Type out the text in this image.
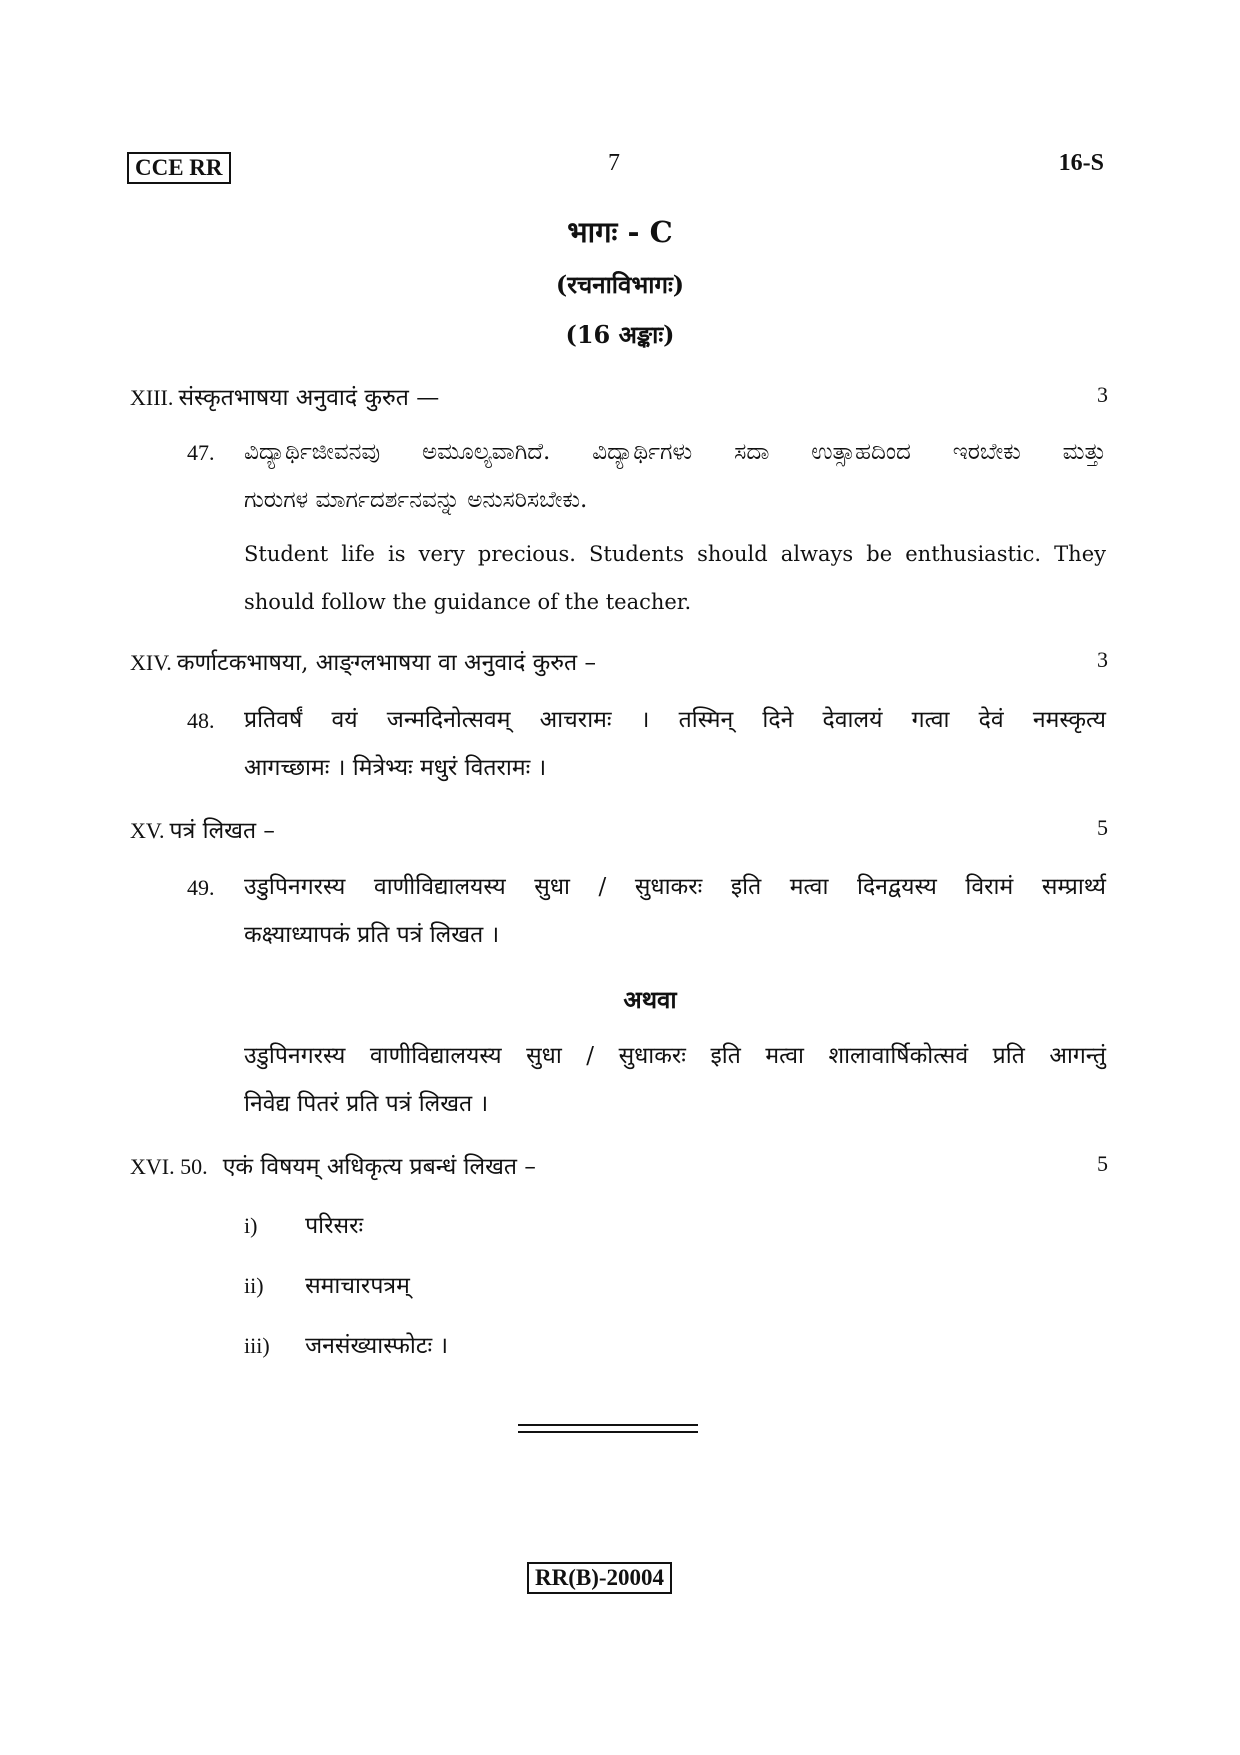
CCE RR	7	16-S
भागः - C
(रचनाविभागः)
(16 अङ्काः)
XIII. संस्कृतभाषया अनुवादं कुरुत —	3
47. ವಿದ್ಯಾರ್ಥಿಜೀವನವು ಅಮೂಲ್ಯವಾಗಿದೆ. ವಿದ್ಯಾರ್ಥಿಗಳು ಸದಾ ಉತ್ಸಾಹದಿಂದ ಇರಬೇಕು ಮತ್ತು
ಗುರುಗಳ ಮಾರ್ಗದರ್ಶನವನ್ನು ಅನುಸರಿಸಬೇಕು.
Student life is very precious. Students should always be enthusiastic. They
should follow the guidance of the teacher.
XIV. कर्णाटकभाषया, आङ्ग्लभाषया वा अनुवादं कुरुत –	3
48. प्रतिवर्षं वयं जन्मदिनोत्सवम् आचरामः । तस्मिन् दिने देवालयं गत्वा देवं नमस्कृत्य
आगच्छामः । मित्रेभ्यः मधुरं वितरामः ।
XV. पत्रं लिखत –	5
49. उडुपिनगरस्य वाणीविद्यालयस्य सुधा / सुधाकरः इति मत्वा दिनद्वयस्य विरामं सम्प्रार्थ्य
कक्ष्याध्यापकं प्रति पत्रं लिखत ।
अथवा
उडुपिनगरस्य वाणीविद्यालयस्य सुधा / सुधाकरः इति मत्वा शालावार्षिकोत्सवं प्रति आगन्तुं
निवेद्य पितरं प्रति पत्रं लिखत ।
XVI. 50. एकं विषयम् अधिकृत्य प्रबन्धं लिखत –	5
i) परिसरः
ii) समाचारपत्रम्
iii) जनसंख्यास्फोटः ।
RR(B)-20004
